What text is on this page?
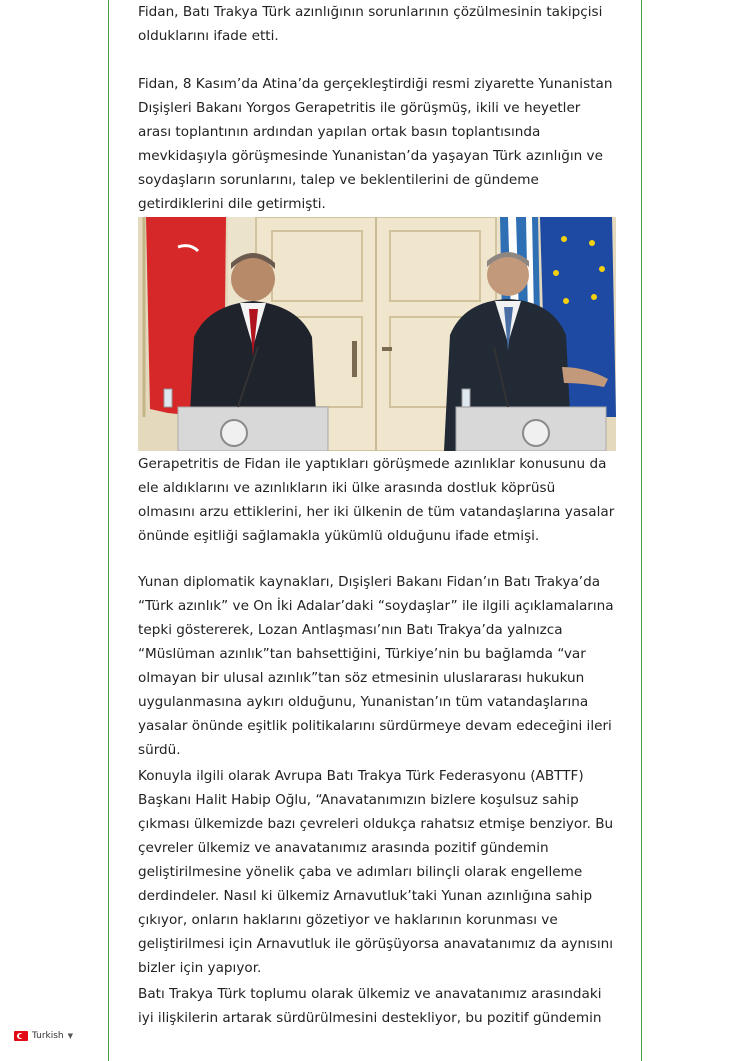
Fidan, Batı Trakya Türk azınlığının sorunlarının çözülmesinin takipçisi olduklarını ifade etti.

Fidan, 8 Kasım’da Atina’da gerçekleştirdiği resmi ziyarette Yunanistan Dışişleri Bakanı Yorgos Gerapetritis ile görüşmüş, ikili ve heyetler arası toplantının ardından yapılan ortak basın toplantısında mevkidaşıyla görüşmesinde Yunanistan’da yaşayan Türk azınlığın ve soydaşların sorunlarını, talep ve beklentilerini de gündeme getirdiklerini dile getirmişti.

Gerapetritis de Fidan ile yaptıkları görüşmede azınlıklar konusunu da ele aldıklarını ve azınlıkların iki ülke arasında dostluk köprüsü olmasını arzu ettiklerini, her iki ülkenin de tüm vatandaşlarına yasalar önünde eşitliği sağlamakla yükümlü olduğunu ifade etmişi.

Yunan diplomatik kaynakları, Dışişleri Bakanı Fidan’ın Batı Trakya’da “Türk azınlık” ve On İki Adalar’daki “soydaşlar” ile ilgili açıklamalarına tepki göstererek, Lozan Antlaşması’nın Batı Trakya’da yalnızca “Müslüman azınlık”tan bahsettiğini, Türkiye’nin bu bağlamda “var olmayan bir ulusal azınlık”tan söz etmesinin uluslararası hukukun uygulanmasına aykırı olduğunu, Yunanistan’ın tüm vatandaşlarına yasalar önünde eşitlik politikalarını sürdürmeye devam edeceğini ileri sürdü.

Konuyla ilgili olarak Avrupa Batı Trakya Türk Federasyonu (ABTTF) Başkanı Halit Habip Oğlu, “Anavatanımızın bizlere koşulsuz sahip çıkması ülkemizde bazı çevreleri oldukça rahatsız etmişe benziyor. Bu çevreler ülkemiz ve anavatanımız arasında pozitif gündemin geliştirilmesine yönelik çaba ve adımları bilinçli olarak engelleme derdindeler. Nasıl ki ülkemiz Arnavutluk’taki Yunan azınlığına sahip çıkıyor, onların haklarını gözetiyor ve haklarının korunması ve geliştirilmesi için Arnavutluk ile görüşüyorsa anavatanımız da aynısını bizler için yapıyor.

Batı Trakya Türk toplumu olarak ülkemiz ve anavatanımız arasındaki iyi ilişkilerin artarak sürdürülmesini destekliyor, bu pozitif gündemin

Turkish ▼
